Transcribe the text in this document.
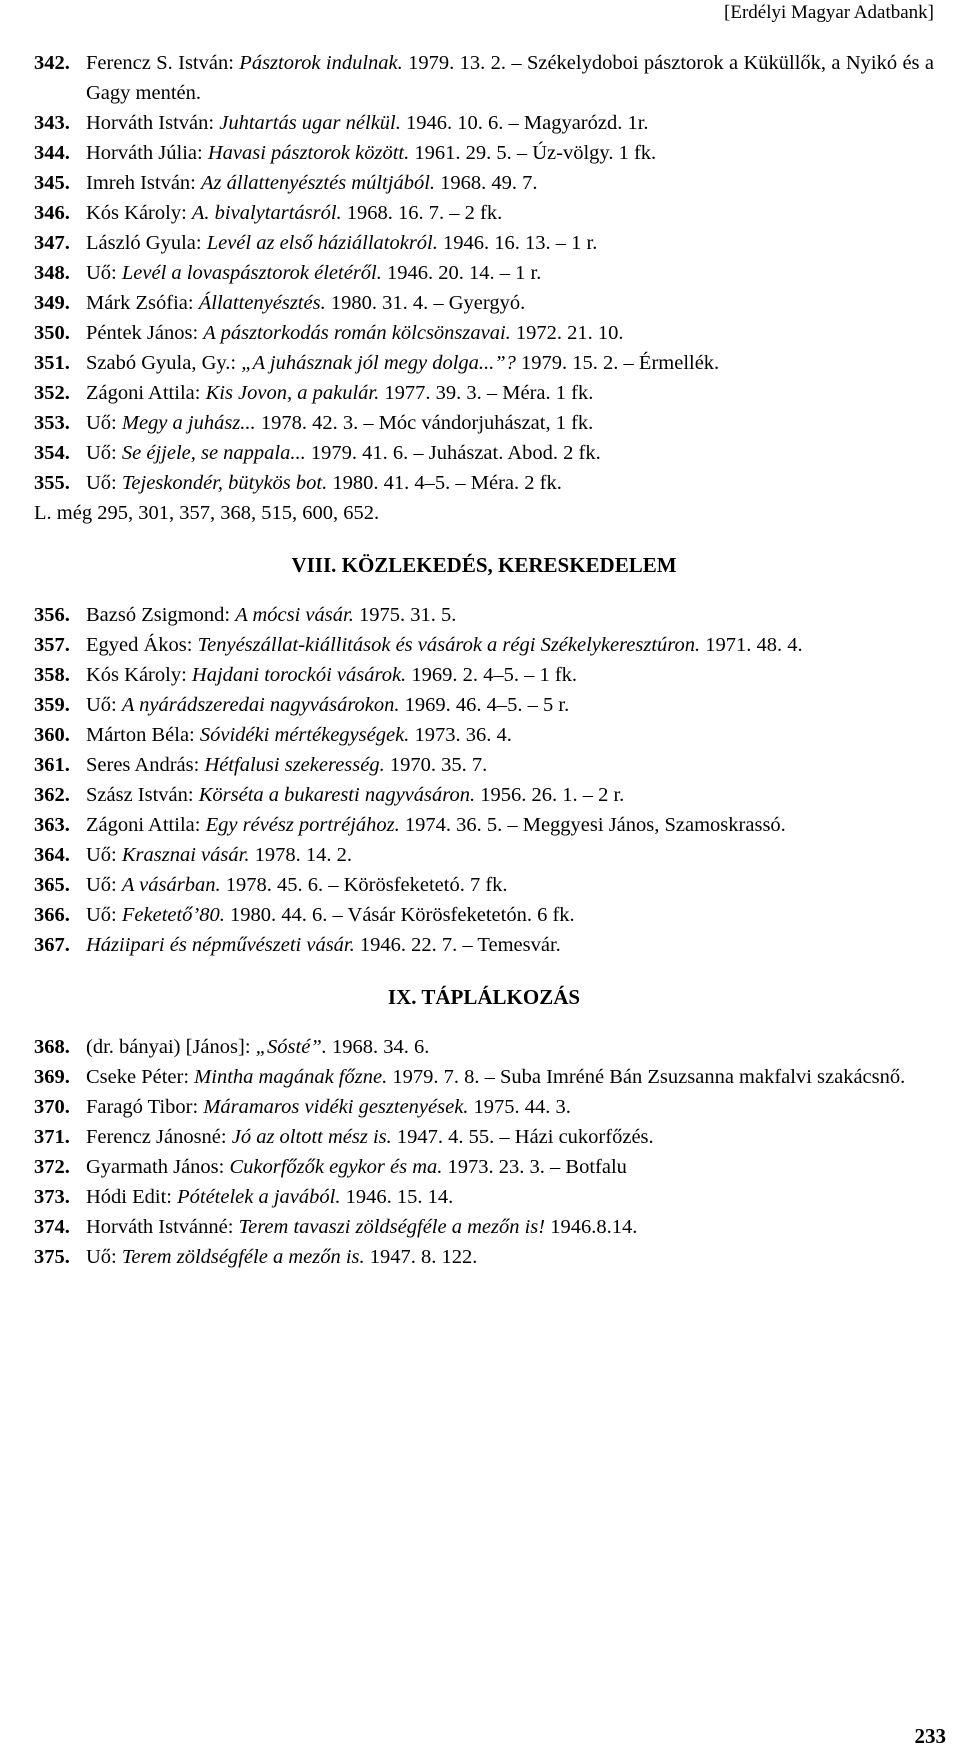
[Erdélyi Magyar Adatbank]
342. Ferencz S. István: Pásztorok indulnak. 1979. 13. 2. – Székelydoboi pásztorok a Küküllők, a Nyikó és a Gagy mentén.
343. Horváth István: Juhtartás ugar nélkül. 1946. 10. 6. – Magyarózd. 1r.
344. Horváth Júlia: Havasi pásztorok között. 1961. 29. 5. – Úz-völgy. 1 fk.
345. Imreh István: Az állattenyésztés múltjából. 1968. 49. 7.
346. Kós Károly: A. bivalytartásról. 1968. 16. 7. – 2 fk.
347. László Gyula: Levél az első háziállatokról. 1946. 16. 13. – 1 r.
348. Uő: Levél a lovaspásztorok életéről. 1946. 20. 14. – 1 r.
349. Márk Zsófia: Állattenyésztés. 1980. 31. 4. – Gyergyó.
350. Péntek János: A pásztorkodás román kölcsönszavai. 1972. 21. 10.
351. Szabó Gyula, Gy.: „A juhásznak jól megy dolga...”? 1979. 15. 2. – Érmellék.
352. Zágoni Attila: Kis Jovon, a pakulár. 1977. 39. 3. – Méra. 1 fk.
353. Uő: Megy a juhász... 1978. 42. 3. – Móc vándorjuhászat, 1 fk.
354. Uő: Se éjjele, se nappala... 1979. 41. 6. – Juhászat. Abod. 2 fk.
355. Uő: Tejeskondér, bütykös bot. 1980. 41. 4–5. – Méra. 2 fk.
L. még 295, 301, 357, 368, 515, 600, 652.
VIII. KÖZLEKEDÉS, KERESKEDELEM
356. Bazsó Zsigmond: A mócsi vásár. 1975. 31. 5.
357. Egyed Ákos: Tenyészállat-kiállitások és vásárok a régi Székelykeresztúron. 1971. 48. 4.
358. Kós Károly: Hajdani torockói vásárok. 1969. 2. 4–5. – 1 fk.
359. Uő: A nyárádszeredai nagyvásárokon. 1969. 46. 4–5. – 5 r.
360. Márton Béla: Sóvidéki mértékegységek. 1973. 36. 4.
361. Seres András: Hétfalusi szekeresség. 1970. 35. 7.
362. Szász István: Körséta a bukaresti nagyvásáron. 1956. 26. 1. – 2 r.
363. Zágoni Attila: Egy révész portréjához. 1974. 36. 5. – Meggyesi János, Szamoskrassó.
364. Uő: Krasznai vásár. 1978. 14. 2.
365. Uő: A vásárban. 1978. 45. 6. – Körösfeketetó. 7 fk.
366. Uő: Feketető’80. 1980. 44. 6. – Vásár Körösfeketetón. 6 fk.
367. Háziipari és népművészeti vásár. 1946. 22. 7. – Temesvár.
IX. TÁPLÁLKOZÁS
368. (dr. bányai) [János]: „Sósté”. 1968. 34. 6.
369. Cseke Péter: Mintha magának főzne. 1979. 7. 8. – Suba Imréné Bán Zsuzsanna makfalvi szakácsnő.
370. Faragó Tibor: Máramaros vidéki gesztenyések. 1975. 44. 3.
371. Ferencz Jánosné: Jó az oltott mész is. 1947. 4. 55. – Házi cukorfőzés.
372. Gyarmath János: Cukorfőzők egykor és ma. 1973. 23. 3. – Botfalu
373. Hódi Edit: Pótételek a javából. 1946. 15. 14.
374. Horváth Istvánné: Terem tavaszi zöldségféle a mezőn is! 1946.8.14.
375. Uő: Terem zöldségféle a mezőn is. 1947. 8. 122.
233
